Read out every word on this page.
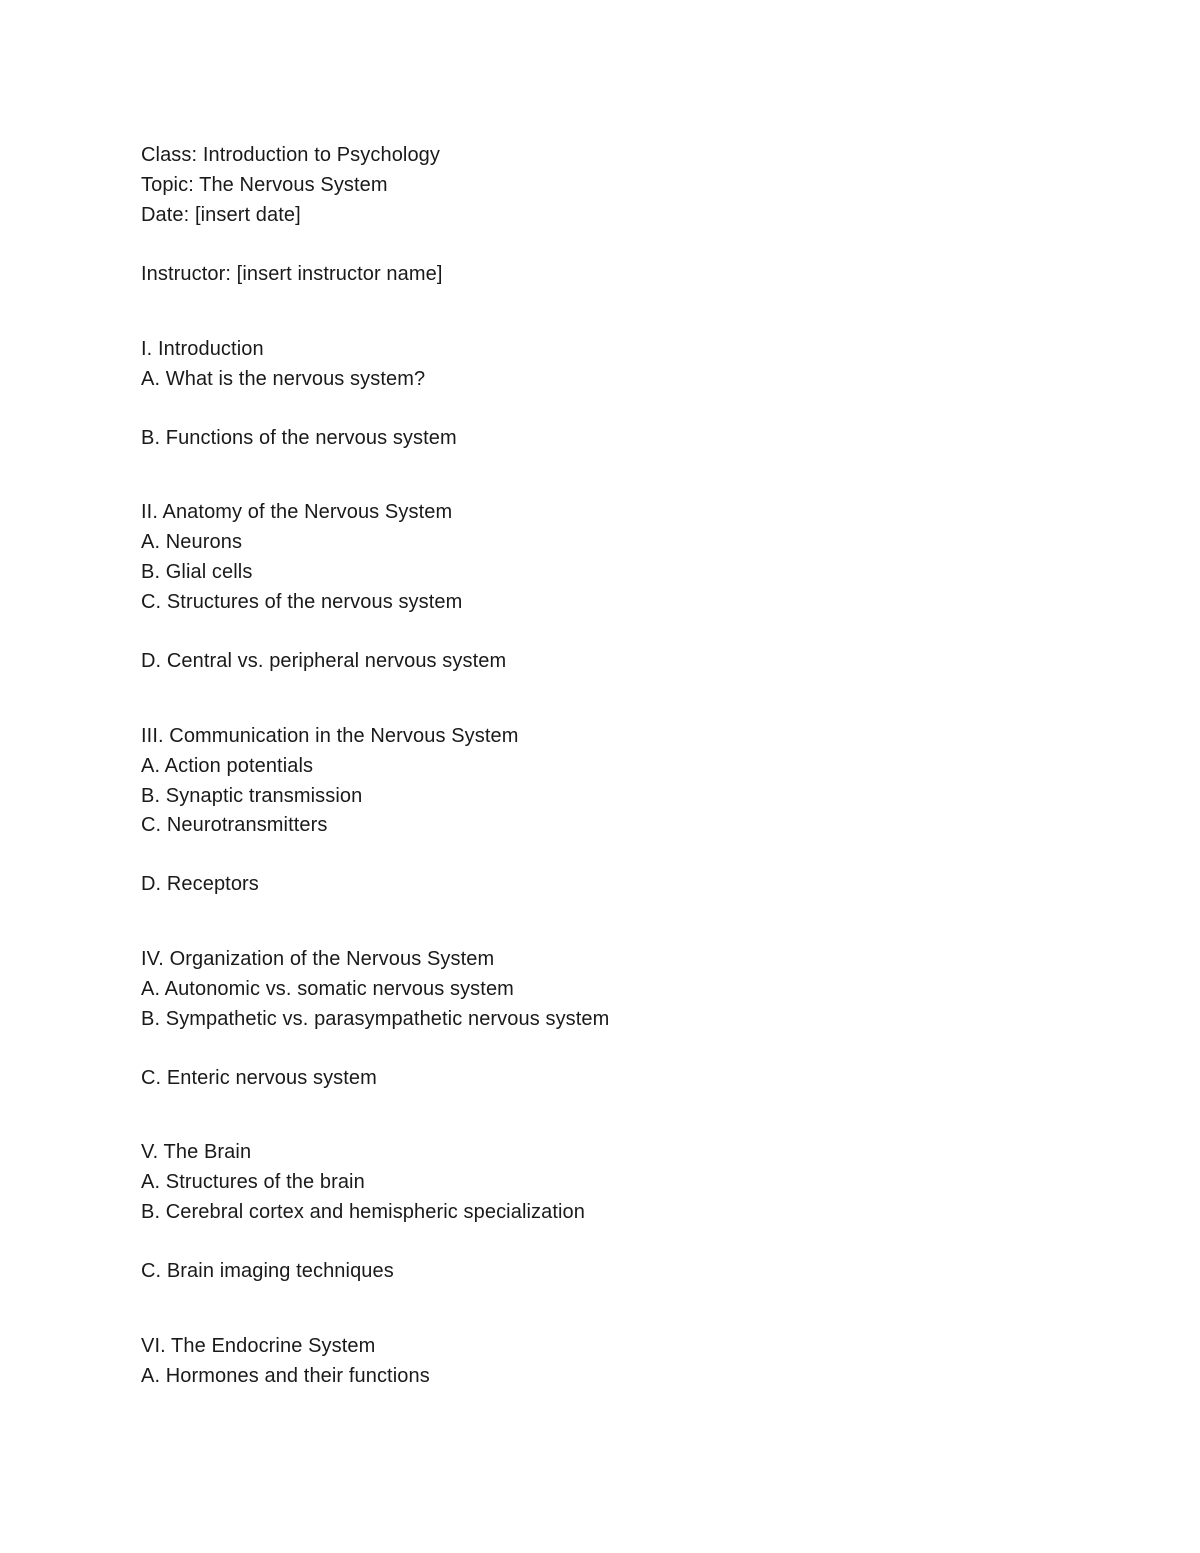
Class: Introduction to Psychology
Topic: The Nervous System
Date: [insert date]
Instructor: [insert instructor name]
I. Introduction
A. What is the nervous system?
B. Functions of the nervous system
II. Anatomy of the Nervous System
A. Neurons
B. Glial cells
C. Structures of the nervous system
D. Central vs. peripheral nervous system
III. Communication in the Nervous System
A. Action potentials
B. Synaptic transmission
C. Neurotransmitters
D. Receptors
IV. Organization of the Nervous System
A. Autonomic vs. somatic nervous system
B. Sympathetic vs. parasympathetic nervous system
C. Enteric nervous system
V. The Brain
A. Structures of the brain
B. Cerebral cortex and hemispheric specialization
C. Brain imaging techniques
VI. The Endocrine System
A. Hormones and their functions
